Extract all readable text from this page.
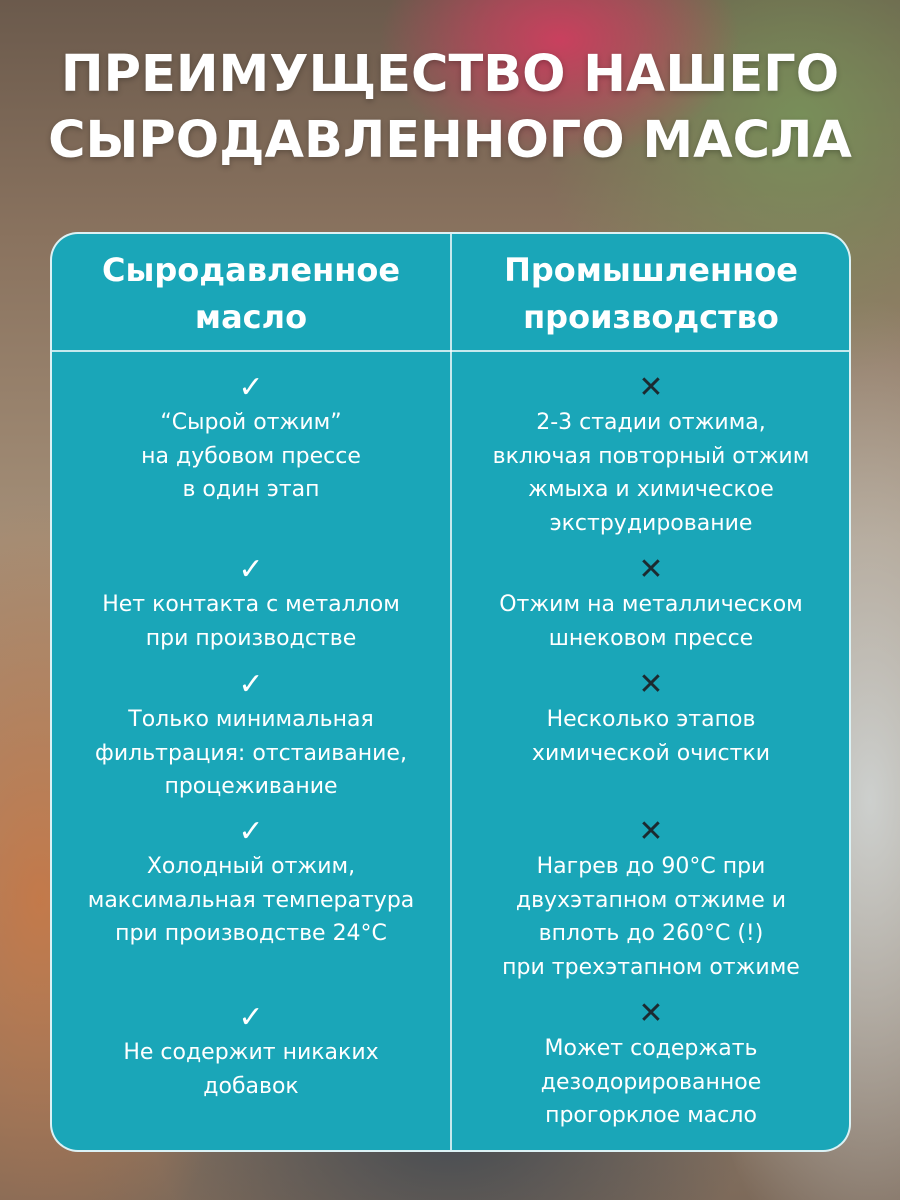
ПРЕИМУЩЕСТВО НАШЕГО
СЫРОДАВЛЕННОГО МАСЛА
Сыродавленное
масло
Промышленное
производство
✓
“Сырой отжим”
на дубовом прессе
в один этап
✕
2-3 стадии отжима,
включая повторный отжим
жмыха и химическое
экструдирование
✓
Нет контакта с металлом
при производстве
✕
Отжим на металлическом
шнековом прессе
✓
Только минимальная
фильтрация: отстаивание,
процеживание
✕
Несколько этапов
химической очистки
✓
Холодный отжим,
максимальная температура
при производстве 24°С
✕
Нагрев до 90°С при
двухэтапном отжиме и
вплоть до 260°С (!)
при трехэтапном отжиме
✓
Не содержит никаких
добавок
✕
Может содержать
дезодорированное
прогорклое масло
